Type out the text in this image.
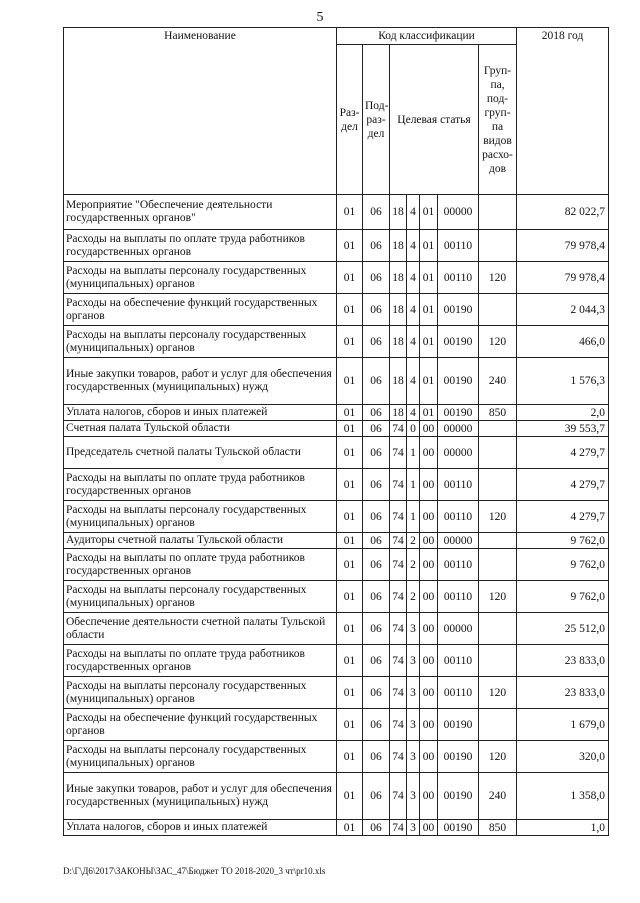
5
Наименование	Код классификации							2018 год
	Раз-дел	Под-раз-дел	Целевая статья				Груп-па, под-груп-па видов расхо-дов	
Мероприятие "Обеспечение деятельности государственных органов"	01	06	18	4	01	00000		82 022,7
Расходы на выплаты по оплате труда работников государственных органов	01	06	18	4	01	00110		79 978,4
Расходы на выплаты персоналу государственных (муниципальных) органов	01	06	18	4	01	00110	120	79 978,4
Расходы на обеспечение функций государственных органов	01	06	18	4	01	00190		2 044,3
Расходы на выплаты персоналу государственных (муниципальных) органов	01	06	18	4	01	00190	120	466,0
Иные закупки товаров, работ и услуг для обеспечения государственных (муниципальных) нужд	01	06	18	4	01	00190	240	1 576,3
Уплата налогов, сборов и иных платежей	01	06	18	4	01	00190	850	2,0
Счетная палата Тульской области	01	06	74	0	00	00000		39 553,7
Председатель счетной палаты Тульской области	01	06	74	1	00	00000		4 279,7
Расходы на выплаты по оплате труда работников государственных органов	01	06	74	1	00	00110		4 279,7
Расходы на выплаты персоналу государственных (муниципальных) органов	01	06	74	1	00	00110	120	4 279,7
Аудиторы счетной палаты Тульской области	01	06	74	2	00	00000		9 762,0
Расходы на выплаты по оплате труда работников государственных органов	01	06	74	2	00	00110		9 762,0
Расходы на выплаты персоналу государственных (муниципальных) органов	01	06	74	2	00	00110	120	9 762,0
Обеспечение деятельности счетной палаты Тульской области	01	06	74	3	00	00000		25 512,0
Расходы на выплаты по оплате труда работников государственных органов	01	06	74	3	00	00110		23 833,0
Расходы на выплаты персоналу государственных (муниципальных) органов	01	06	74	3	00	00110	120	23 833,0
Расходы на обеспечение функций государственных органов	01	06	74	3	00	00190		1 679,0
Расходы на выплаты персоналу государственных (муниципальных) органов	01	06	74	3	00	00190	120	320,0
Иные закупки товаров, работ и услуг для обеспечения государственных (муниципальных) нужд	01	06	74	3	00	00190	240	1 358,0
Уплата налогов, сборов и иных платежей	01	06	74	3	00	00190	850	1,0
D:\Г\Д6\2017\ЗАКОНЫ\ЗАС_47\Бюджет ТО 2018-2020_3 чт\pr10.xls
